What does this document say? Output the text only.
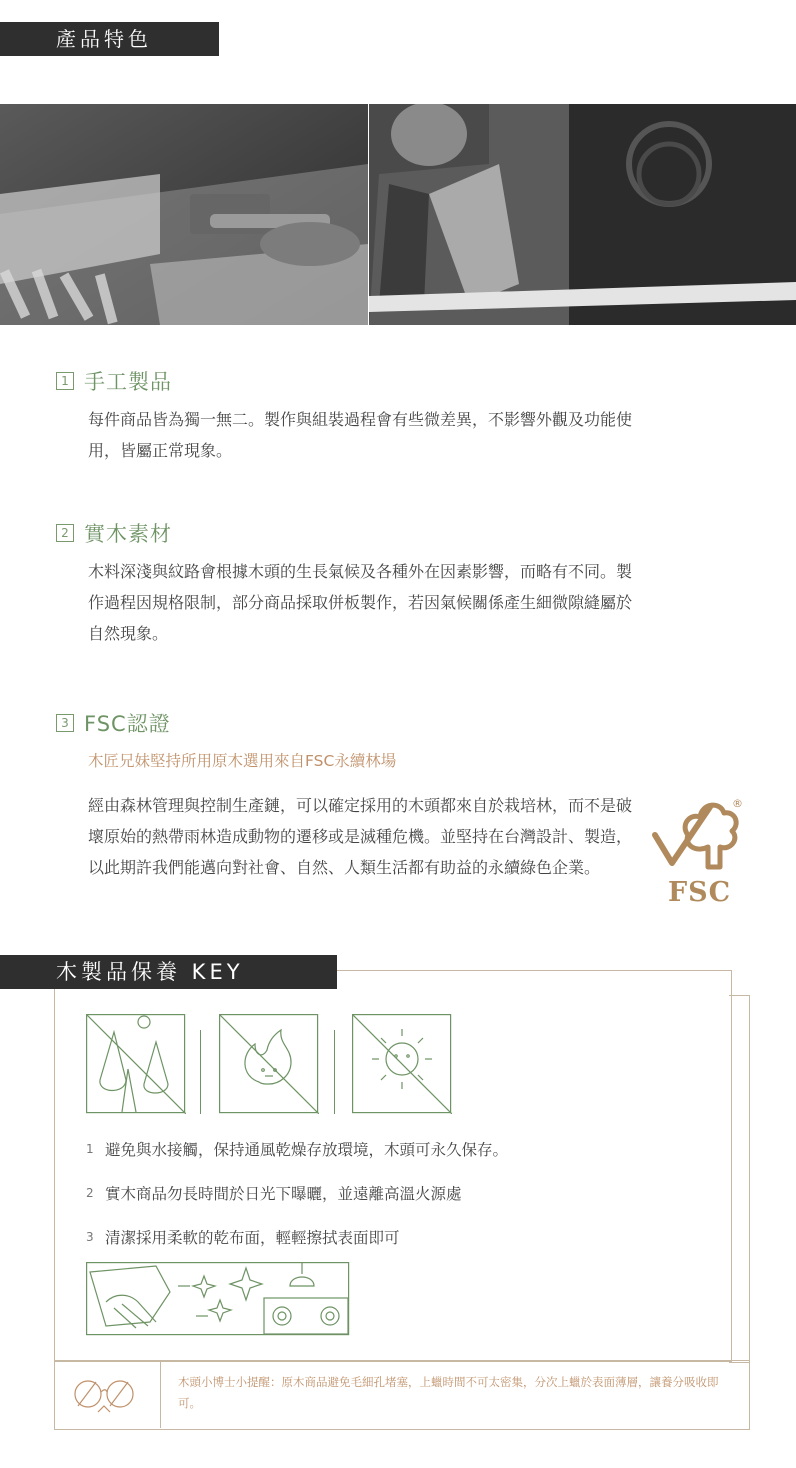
產品特色
1 手工製品
每件商品皆為獨一無二。製作與組裝過程會有些微差異，不影響外觀及功能使用，皆屬正常現象。
2 實木素材
木料深淺與紋路會根據木頭的生長氣候及各種外在因素影響，而略有不同。製作過程因規格限制，部分商品採取併板製作，若因氣候關係產生細微隙縫屬於自然現象。
3 FSC認證
木匠兄妹堅持所用原木選用來自FSC永續林場
經由森林管理與控制生產鏈，可以確定採用的木頭都來自於栽培林，而不是破壞原始的熱帶雨林造成動物的遷移或是滅種危機。並堅持在台灣設計、製造，以此期許我們能邁向對社會、自然、人類生活都有助益的永續綠色企業。
®
FSC
木製品保養 KEY
1 避免與水接觸，保持通風乾燥存放環境，木頭可永久保存。
2 實木商品勿長時間於日光下曝曬，並遠離高溫火源處
3 清潔採用柔軟的乾布面，輕輕擦拭表面即可
木頭小博士小提醒：原木商品避免毛細孔堵塞，上蠟時間不可太密集，分次上蠟於表面薄層，讓養分吸收即可。
